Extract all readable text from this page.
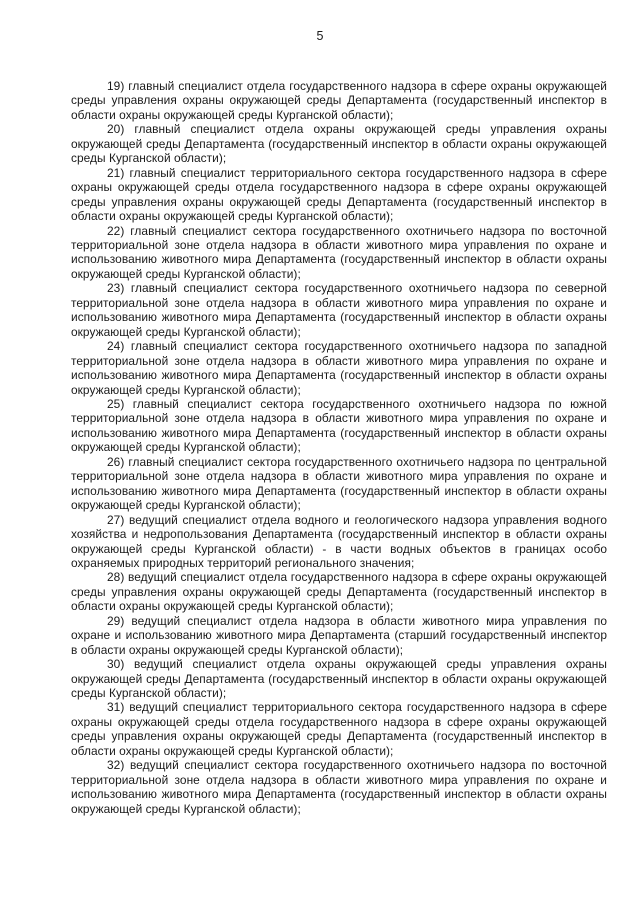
5

19) главный специалист отдела государственного надзора в сфере охраны окружающей среды управления охраны окружающей среды Департамента (государственный инспектор в области охраны окружающей среды Курганской области);

20) главный специалист отдела охраны окружающей среды управления охраны окружающей среды Департамента (государственный инспектор в области охраны окружающей среды Курганской области);

21) главный специалист территориального сектора государственного надзора в сфере охраны окружающей среды отдела государственного надзора в сфере охраны окружающей среды управления охраны окружающей среды Департамента (государственный инспектор в области охраны окружающей среды Курганской области);

22) главный специалист сектора государственного охотничьего надзора по восточной территориальной зоне отдела надзора в области животного мира управления по охране и использованию животного мира Департамента (государственный инспектор в области охраны окружающей среды Курганской области);

23) главный специалист сектора государственного охотничьего надзора по северной территориальной зоне отдела надзора в области животного мира управления по охране и использованию животного мира Департамента (государственный инспектор в области охраны окружающей среды Курганской области);

24) главный специалист сектора государственного охотничьего надзора по западной территориальной зоне отдела надзора в области животного мира управления по охране и использованию животного мира Департамента (государственный инспектор в области охраны окружающей среды Курганской области);

25) главный специалист сектора государственного охотничьего надзора по южной территориальной зоне отдела надзора в области животного мира управления по охране и использованию животного мира Департамента (государственный инспектор в области охраны окружающей среды Курганской области);

26) главный специалист сектора государственного охотничьего надзора по центральной территориальной зоне отдела надзора в области животного мира управления по охране и использованию животного мира Департамента (государственный инспектор в области охраны окружающей среды Курганской области);

27) ведущий специалист отдела водного и геологического надзора управления водного хозяйства и недропользования Департамента (государственный инспектор в области охраны окружающей среды Курганской области) - в части водных объектов в границах особо охраняемых природных территорий регионального значения;

28) ведущий специалист отдела государственного надзора в сфере охраны окружающей среды управления охраны окружающей среды Департамента (государственный инспектор в области охраны окружающей среды Курганской области);

29) ведущий специалист отдела надзора в области животного мира управления по охране и использованию животного мира Департамента (старший государственный инспектор в области охраны окружающей среды Курганской области);

30) ведущий специалист отдела охраны окружающей среды управления охраны окружающей среды Департамента (государственный инспектор в области охраны окружающей среды Курганской области);

31) ведущий специалист территориального сектора государственного надзора в сфере охраны окружающей среды отдела государственного надзора в сфере охраны окружающей среды управления охраны окружающей среды Департамента (государственный инспектор в области охраны окружающей среды Курганской области);

32) ведущий специалист сектора государственного охотничьего надзора по восточной территориальной зоне отдела надзора в области животного мира управления по охране и использованию животного мира Департамента (государственный инспектор в области охраны окружающей среды Курганской области);
